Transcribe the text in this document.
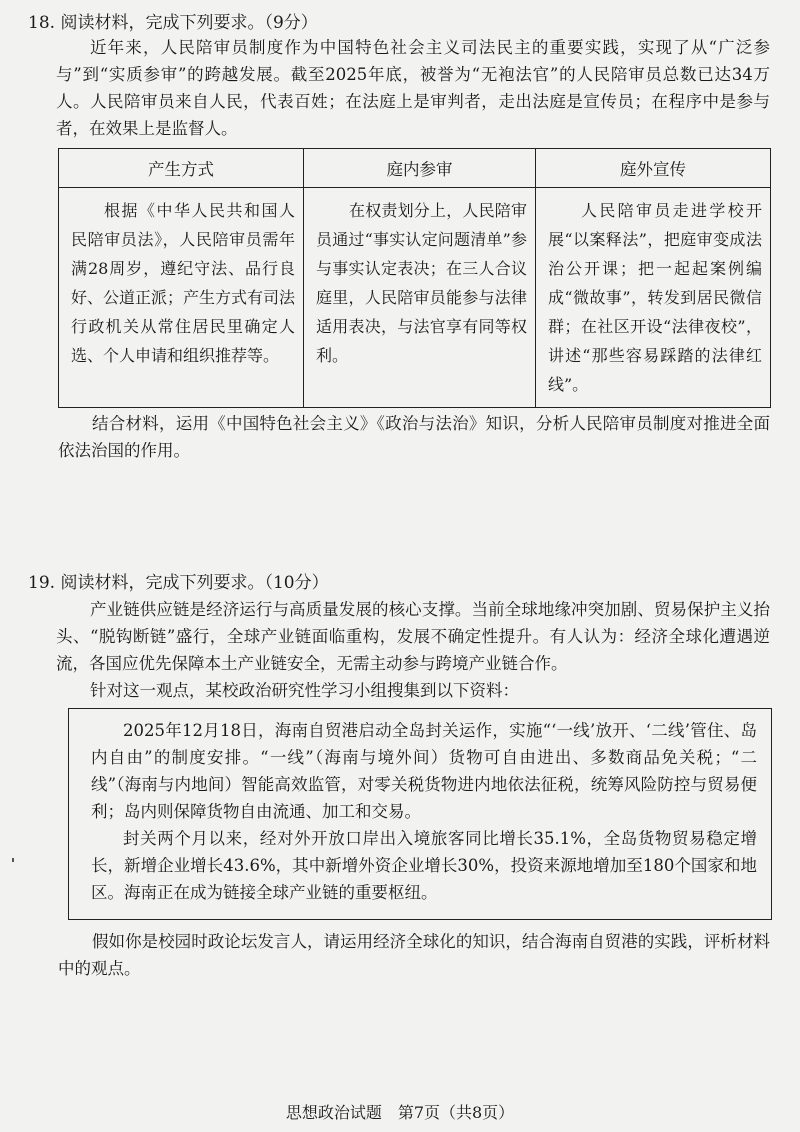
18. 阅读材料，完成下列要求。（9分）

近年来，人民陪审员制度作为中国特色社会主义司法民主的重要实践，实现了从“广泛参与”到“实质参审”的跨越发展。截至2025年底，被誉为“无袍法官”的人民陪审员总数已达34万人。人民陪审员来自人民，代表百姓；在法庭上是审判者，走出法庭是宣传员；在程序中是参与者，在效果上是监督人。

产生方式	庭内参审	庭外宣传
根据《中华人民共和国人民陪审员法》，人民陪审员需年满28周岁，遵纪守法、品行良好、公道正派；产生方式有司法行政机关从常住居民里确定人选、个人申请和组织推荐等。	在权责划分上，人民陪审员通过“事实认定问题清单”参与事实认定表决；在三人合议庭里，人民陪审员能参与法律适用表决，与法官享有同等权利。	人民陪审员走进学校开展“以案释法”，把庭审变成法治公开课；把一起起案例编成“微故事”，转发到居民微信群；在社区开设“法律夜校”，讲述“那些容易踩踏的法律红线”。

结合材料，运用《中国特色社会主义》《政治与法治》知识，分析人民陪审员制度对推进全面依法治国的作用。

19. 阅读材料，完成下列要求。（10分）

产业链供应链是经济运行与高质量发展的核心支撑。当前全球地缘冲突加剧、贸易保护主义抬头、“脱钩断链”盛行，全球产业链面临重构，发展不确定性提升。有人认为：经济全球化遭遇逆流，各国应优先保障本土产业链安全，无需主动参与跨境产业链合作。

针对这一观点，某校政治研究性学习小组搜集到以下资料：

2025年12月18日，海南自贸港启动全岛封关运作，实施“‘一线’放开、‘二线’管住、岛内自由”的制度安排。“一线”（海南与境外间）货物可自由进出、多数商品免关税；“二线”（海南与内地间）智能高效监管，对零关税货物进内地依法征税，统筹风险防控与贸易便利；岛内则保障货物自由流通、加工和交易。

封关两个月以来，经对外开放口岸出入境旅客同比增长35.1%，全岛货物贸易稳定增长，新增企业增长43.6%，其中新增外资企业增长30%，投资来源地增加至180个国家和地区。海南正在成为链接全球产业链的重要枢纽。

假如你是校园时政论坛发言人，请运用经济全球化的知识，结合海南自贸港的实践，评析材料中的观点。

思想政治试题　第7页（共8页）
